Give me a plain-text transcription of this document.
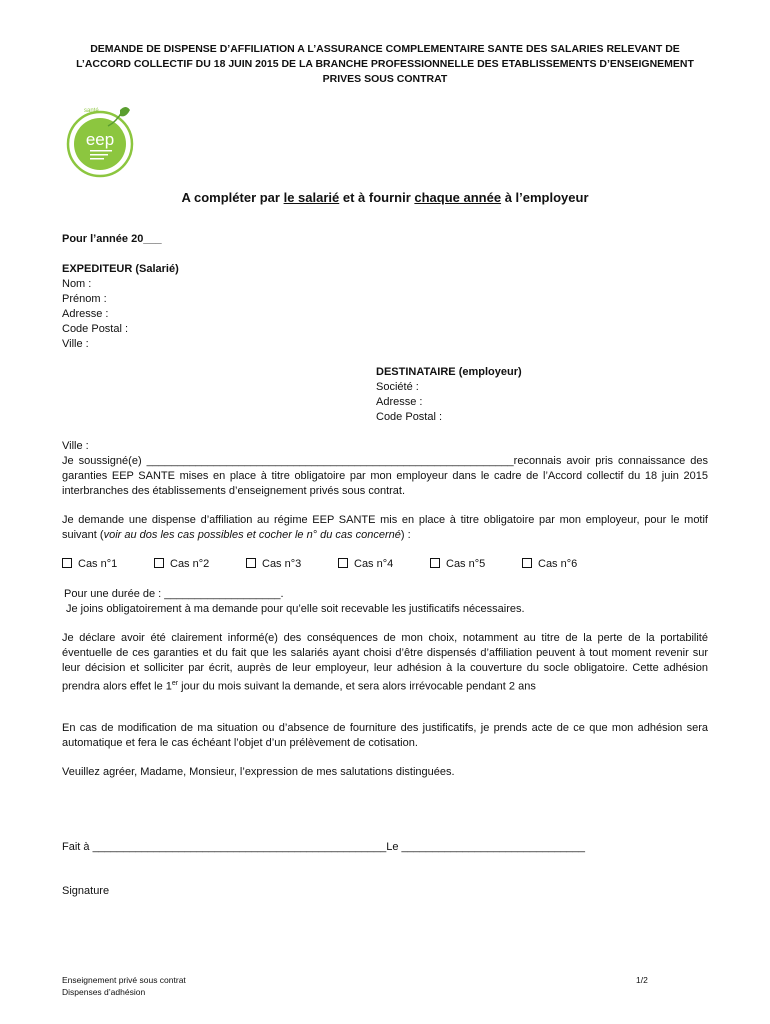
DEMANDE DE DISPENSE D’AFFILIATION A L’ASSURANCE COMPLEMENTAIRE SANTE DES SALARIES RELEVANT DE
L’ACCORD COLLECTIF DU 18 JUIN 2015 DE LA BRANCHE PROFESSIONNELLE DES ETABLISSEMENTS D’ENSEIGNEMENT
PRIVES SOUS CONTRAT
eep
santé
A compléter par le salarié et à fournir chaque année à l’employeur
Pour l’année 20___
EXPEDITEUR (Salarié)
Nom :
Prénom :
Adresse :
Code Postal :
Ville :
DESTINATAIRE (employeur)
Société :
Adresse :
Code Postal :
Ville :
Je soussigné(e) ____________________________________________________________reconnais avoir pris connaissance des garanties EEP SANTE mises en place à titre obligatoire par mon employeur dans le cadre de l’Accord collectif du 18 juin 2015 interbranches des établissements d’enseignement privés sous contrat.
Je demande une dispense d’affiliation au régime EEP SANTE mis en place à titre obligatoire par mon employeur, pour le motif suivant (voir au dos les cas possibles et cocher le n° du cas concerné) :
Cas n°1	Cas n°2	Cas n°3	Cas n°4	Cas n°5	Cas n°6
Pour une durée de : ___________________.
Je joins obligatoirement à ma demande pour qu’elle soit recevable les justificatifs nécessaires.
Je déclare avoir été clairement informé(e) des conséquences de mon choix, notamment au titre de la perte de la portabilité éventuelle de ces garanties et du fait que les salariés ayant choisi d’être dispensés d’affiliation peuvent à tout moment revenir sur leur décision et solliciter par écrit, auprès de leur employeur, leur adhésion à la couverture du socle obligatoire. Cette adhésion prendra alors effet le 1er jour du mois suivant la demande, et sera alors irrévocable pendant 2 ans
En cas de modification de ma situation ou d’absence de fourniture des justificatifs, je prends acte de ce que mon adhésion sera automatique et fera le cas échéant l’objet d’un prélèvement de cotisation.
Veuillez agréer, Madame, Monsieur, l’expression de mes salutations distinguées.
Fait à ________________________________________________Le ______________________________
Signature
Enseignement privé sous contrat
Dispenses d’adhésion
1/2
